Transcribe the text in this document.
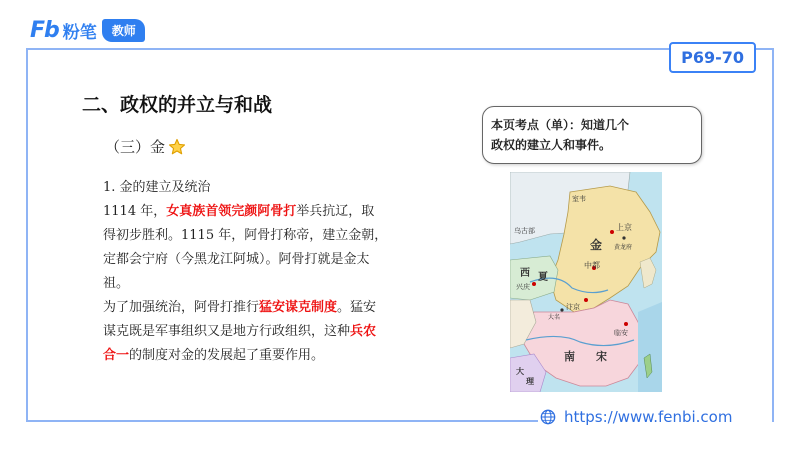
Fb 粉笔	教师
P69-70
二、政权的并立与和战
（三）金
1. 金的建立及统治
1114 年，女真族首领完颜阿骨打举兵抗辽，取
得初步胜利。1115 年，阿骨打称帝，建立金朝，
定都会宁府（今黑龙江阿城）。阿骨打就是金太
祖。
为了加强统治，阿骨打推行猛安谋克制度。猛安
谋克既是军事组织又是地方行政组织，这种兵农
合一的制度对金的发展起了重要作用。
本页考点（单）：知道几个
政权的建立人和事件。
室韦
乌古部	上京
黄龙府
金
西 夏
中都
兴庆
汴京
大名
临安
南 宋
大
理
https://www.fenbi.com
